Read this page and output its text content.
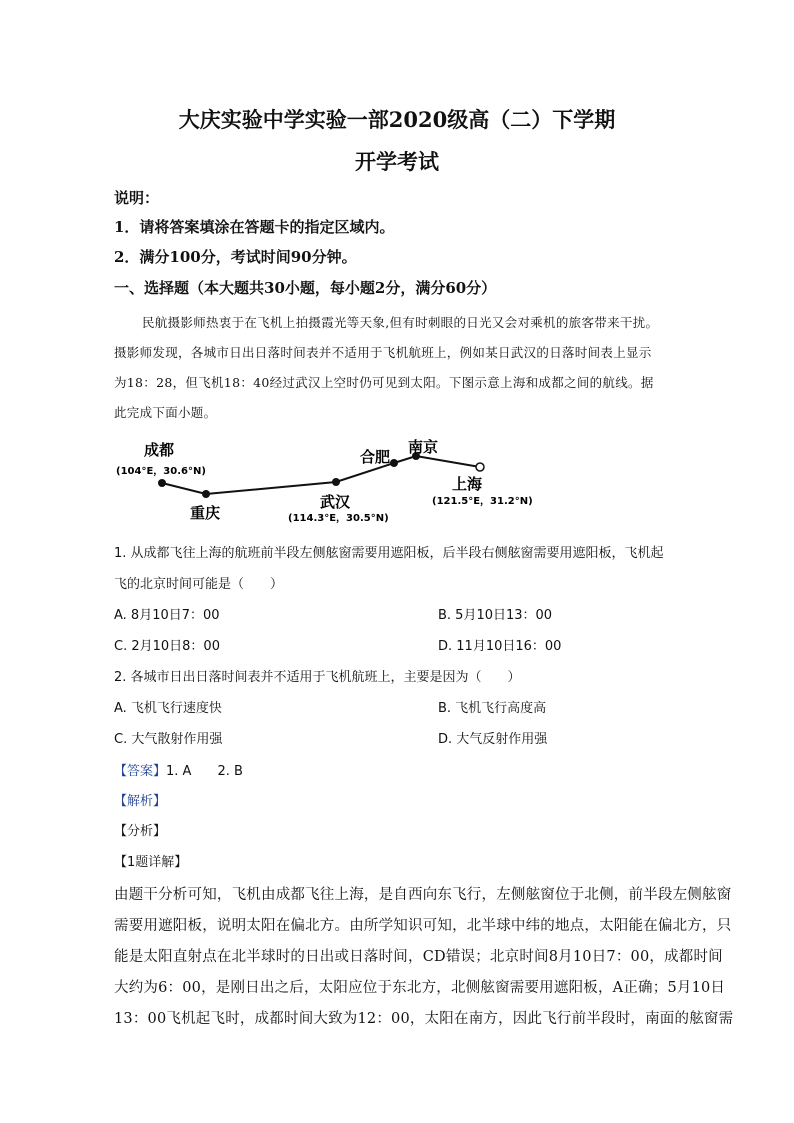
大庆实验中学实验一部2020级高（二）下学期
开学考试
说明：
1．请将答案填涂在答题卡的指定区域内。
2．满分100分，考试时间90分钟。
一、选择题（本大题共30小题，每小题2分，满分60分）
民航摄影师热衷于在飞机上拍摄霞光等天象,但有时刺眼的日光又会对乘机的旅客带来干扰。
摄影师发现，各城市日出日落时间表并不适用于飞机航班上，例如某日武汉的日落时间表上显示
为18：28，但飞机18：40经过武汉上空时仍可见到太阳。下图示意上海和成都之间的航线。据
此完成下面小题。
成都
(104°E，30.6°N)
重庆
武汉
(114.3°E，30.5°N)
合肥
南京
上海
(121.5°E，31.2°N)
1. 从成都飞往上海的航班前半段左侧舷窗需要用遮阳板，后半段右侧舷窗需要用遮阳板，飞机起
飞的北京时间可能是（　　）
A. 8月10日7：00	B. 5月10日13：00
C. 2月10日8：00	D. 11月10日16：00
2. 各城市日出日落时间表并不适用于飞机航班上，主要是因为（　　）
A. 飞机飞行速度快	B. 飞机飞行高度高
C. 大气散射作用强	D. 大气反射作用强
【答案】1. A　　2. B
【解析】
【分析】
【1题详解】
由题干分析可知，飞机由成都飞往上海，是自西向东飞行，左侧舷窗位于北侧，前半段左侧舷窗
需要用遮阳板，说明太阳在偏北方。由所学知识可知，北半球中纬的地点，太阳能在偏北方，只
能是太阳直射点在北半球时的日出或日落时间，CD错误；北京时间8月10日7：00，成都时间
大约为6：00，是刚日出之后，太阳应位于东北方，北侧舷窗需要用遮阳板，A正确；5月10日
13：00飞机起飞时，成都时间大致为12：00，太阳在南方，因此飞行前半段时，南面的舷窗需
